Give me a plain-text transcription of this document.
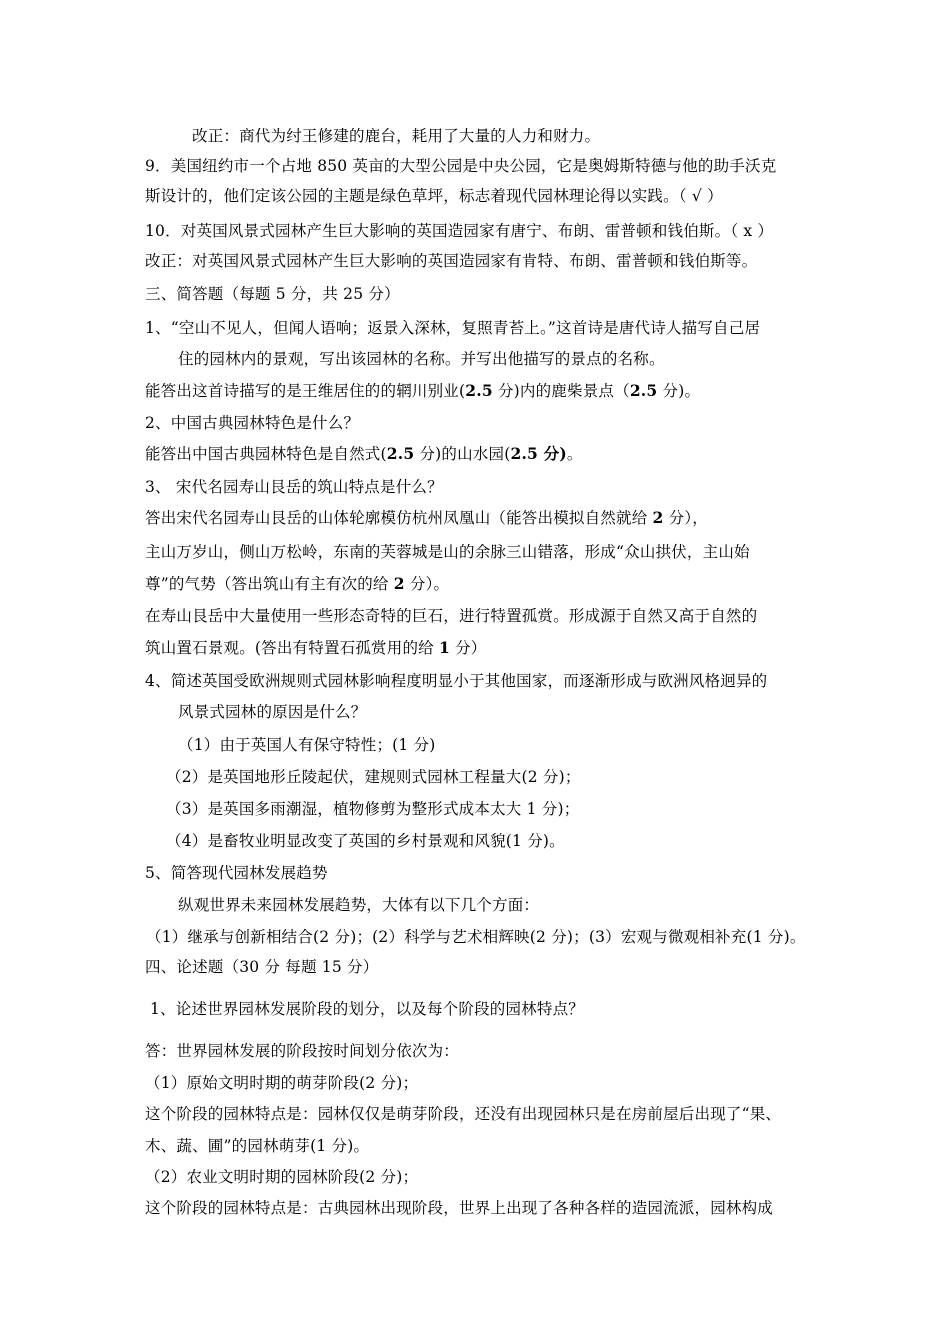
改正：商代为纣王修建的鹿台，耗用了大量的人力和财力。
9．美国纽约市一个占地 850 英亩的大型公园是中央公园，它是奥姆斯特德与他的助手沃克
斯设计的，他们定该公园的主题是绿色草坪，标志着现代园林理论得以实践。（ √ ）
10．对英国风景式园林产生巨大影响的英国造园家有唐宁、布朗、雷普顿和钱伯斯。（ x ）
改正：对英国风景式园林产生巨大影响的英国造园家有肯特、布朗、雷普顿和钱伯斯等。
三、简答题（每题 5 分，共 25 分）
1、“空山不见人，但闻人语响；返景入深林，复照青苔上。”这首诗是唐代诗人描写自己居
住的园林内的景观，写出该园林的名称。并写出他描写的景点的名称。
能答出这首诗描写的是王维居住的的辋川别业(2.5 分)内的鹿柴景点（2.5 分)。
2、中国古典园林特色是什么？
能答出中国古典园林特色是自然式(2.5 分)的山水园(2.5 分)。
3、 宋代名园寿山艮岳的筑山特点是什么？
答出宋代名园寿山艮岳的山体轮廓模仿杭州凤凰山（能答出模拟自然就给 2 分），
主山万岁山，侧山万松岭，东南的芙蓉城是山的余脉三山错落，形成“众山拱伏，主山始
尊”的气势（答出筑山有主有次的给 2 分）。
在寿山艮岳中大量使用一些形态奇特的巨石，进行特置孤赏。形成源于自然又高于自然的
筑山置石景观。(答出有特置石孤赏用的给 1 分）
4、简述英国受欧洲规则式园林影响程度明显小于其他国家，而逐渐形成与欧洲风格迥异的
风景式园林的原因是什么？
（1）由于英国人有保守特性；(1 分)
（2）是英国地形丘陵起伏，建规则式园林工程量大(2 分)；
（3）是英国多雨潮湿，植物修剪为整形式成本太大 1 分)；
（4）是畜牧业明显改变了英国的乡村景观和风貌(1 分)。
5、简答现代园林发展趋势
纵观世界未来园林发展趋势，大体有以下几个方面：
（1）继承与创新相结合(2 分)；(2）科学与艺术相辉映(2 分)；(3）宏观与微观相补充(1 分)。
四、论述题（30 分 每题 15 分）
1、论述世界园林发展阶段的划分，以及每个阶段的园林特点？
答：世界园林发展的阶段按时间划分依次为：
（1）原始文明时期的萌芽阶段(2 分)；
这个阶段的园林特点是：园林仅仅是萌芽阶段，还没有出现园林只是在房前屋后出现了“果、
木、蔬、圃”的园林萌芽(1 分)。
（2）农业文明时期的园林阶段(2 分)；
这个阶段的园林特点是：古典园林出现阶段，世界上出现了各种各样的造园流派，园林构成
